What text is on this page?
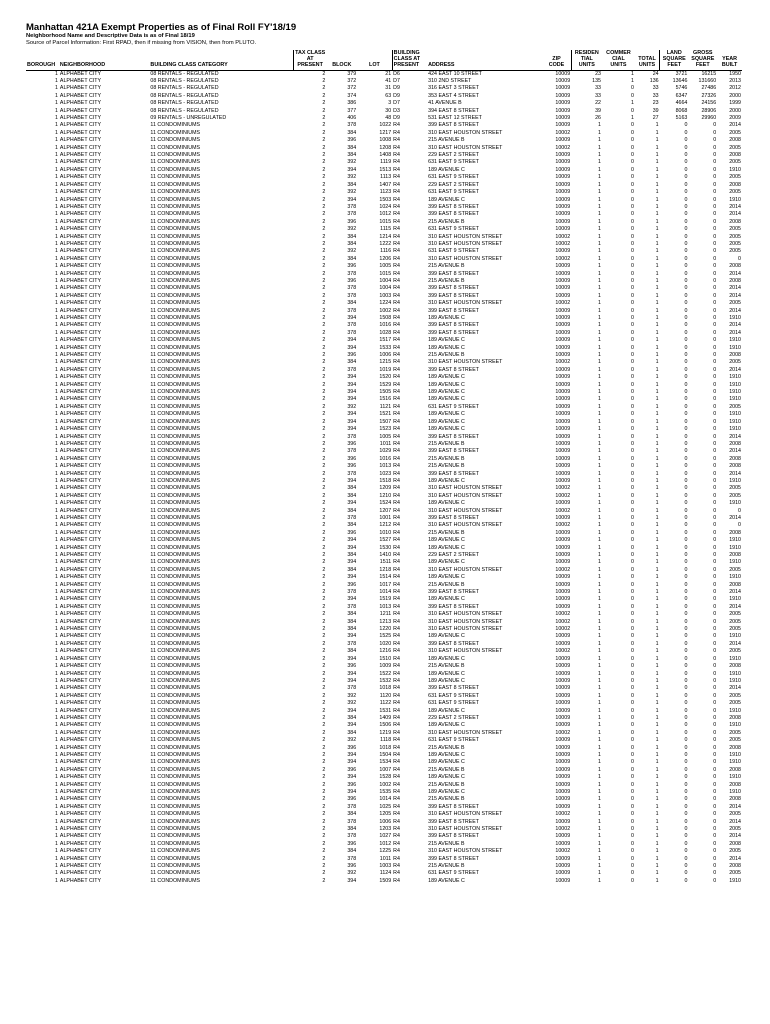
Manhattan 421A Exempt Properties as of Final Roll FY'18/19
Neighborhood Name and Descriptive Data is as of Final 18/19
Source of Parcel Information: First RPAD, then if missing from VISION, then from PLUTO.
BOROUGH	NEIGHBORHOOD	BUILDING CLASS CATEGORY	TAX CLASS
AT
PRESENT	BLOCK	LOT	BUILDING
CLASS AT
PRESENT	ADDRESS	ZIP
CODE	RESIDEN
TIAL
UNITS	COMMER
CIAL
UNITS	TOTAL
UNITS	LAND
SQUARE
FEET	GROSS
SQUARE
FEET	YEAR
BUILT
1	ALPHABET CITY	08 RENTALS - REGULATED	2	379	21	D6	424 EAST 10 STREET	10009	23	1	24	3721	16215	1950
1	ALPHABET CITY	08 RENTALS - REGULATED	2	372	41	D7	310 2ND STREET	10009	135	1	136	13646	131660	2013
1	ALPHABET CITY	08 RENTALS - REGULATED	2	372	31	D9	316 EAST 3 STREET	10009	33	0	33	5746	27486	2012
1	ALPHABET CITY	08 RENTALS - REGULATED	2	374	63	D9	353 EAST 4 STREET	10009	33	0	33	6347	27326	2000
1	ALPHABET CITY	08 RENTALS - REGULATED	2	386	3	D7	41 AVENUE B	10009	22	1	23	4664	24156	1999
1	ALPHABET CITY	08 RENTALS - REGULATED	2	377	30	D3	394 EAST 8 STREET	10009	39	0	39	8068	28906	2000
1	ALPHABET CITY	09 RENTALS - UNREGULATED	2	406	48	D9	531 EAST 12 STREET	10009	26	1	27	5163	29960	2009
1	ALPHABET CITY	11 CONDOMINIUMS	2	378	1022	R4	399 EAST 8 STREET	10009	1	0	1	0	0	2014
1	ALPHABET CITY	11 CONDOMINIUMS	2	384	1217	R4	310 EAST HOUSTON STREET	10002	1	0	1	0	0	2005
1	ALPHABET CITY	11 CONDOMINIUMS	2	396	1008	R4	215 AVENUE B	10009	1	0	1	0	0	2008
1	ALPHABET CITY	11 CONDOMINIUMS	2	384	1208	R4	310 EAST HOUSTON STREET	10002	1	0	1	0	0	2005
1	ALPHABET CITY	11 CONDOMINIUMS	2	384	1408	R4	229 EAST 2 STREET	10009	1	0	1	0	0	2008
1	ALPHABET CITY	11 CONDOMINIUMS	2	392	1119	R4	631 EAST 9 STREET	10009	1	0	1	0	0	2005
1	ALPHABET CITY	11 CONDOMINIUMS	2	394	1513	R4	189 AVENUE C	10009	1	0	1	0	0	1910
1	ALPHABET CITY	11 CONDOMINIUMS	2	392	1113	R4	631 EAST 9 STREET	10009	1	0	1	0	0	2005
1	ALPHABET CITY	11 CONDOMINIUMS	2	384	1407	R4	229 EAST 2 STREET	10009	1	0	1	0	0	2008
1	ALPHABET CITY	11 CONDOMINIUMS	2	392	1123	R4	631 EAST 9 STREET	10009	1	0	1	0	0	2005
1	ALPHABET CITY	11 CONDOMINIUMS	2	394	1503	R4	189 AVENUE C	10009	1	0	1	0	0	1910
1	ALPHABET CITY	11 CONDOMINIUMS	2	378	1024	R4	399 EAST 8 STREET	10009	1	0	1	0	0	2014
1	ALPHABET CITY	11 CONDOMINIUMS	2	378	1012	R4	399 EAST 8 STREET	10009	1	0	1	0	0	2014
1	ALPHABET CITY	11 CONDOMINIUMS	2	396	1015	R4	215 AVENUE B	10009	1	0	1	0	0	2008
1	ALPHABET CITY	11 CONDOMINIUMS	2	392	1115	R4	631 EAST 9 STREET	10009	1	0	1	0	0	2005
1	ALPHABET CITY	11 CONDOMINIUMS	2	384	1214	R4	310 EAST HOUSTON STREET	10002	1	0	1	0	0	2005
1	ALPHABET CITY	11 CONDOMINIUMS	2	384	1222	R4	310 EAST HOUSTON STREET	10002	1	0	1	0	0	2005
1	ALPHABET CITY	11 CONDOMINIUMS	2	392	1116	R4	631 EAST 9 STREET	10009	1	0	1	0	0	2005
1	ALPHABET CITY	11 CONDOMINIUMS	2	384	1206	R4	310 EAST HOUSTON STREET	10002	1	0	1	0	0	0
1	ALPHABET CITY	11 CONDOMINIUMS	2	396	1005	R4	215 AVENUE B	10009	1	0	1	0	0	2008
1	ALPHABET CITY	11 CONDOMINIUMS	2	378	1015	R4	399 EAST 8 STREET	10009	1	0	1	0	0	2014
1	ALPHABET CITY	11 CONDOMINIUMS	2	396	1004	R4	215 AVENUE B	10009	1	0	1	0	0	2008
1	ALPHABET CITY	11 CONDOMINIUMS	2	378	1004	R4	399 EAST 8 STREET	10009	1	0	1	0	0	2014
1	ALPHABET CITY	11 CONDOMINIUMS	2	378	1003	R4	399 EAST 8 STREET	10009	1	0	1	0	0	2014
1	ALPHABET CITY	11 CONDOMINIUMS	2	384	1224	R4	310 EAST HOUSTON STREET	10002	1	0	1	0	0	2005
1	ALPHABET CITY	11 CONDOMINIUMS	2	378	1002	R4	399 EAST 8 STREET	10009	1	0	1	0	0	2014
1	ALPHABET CITY	11 CONDOMINIUMS	2	394	1508	R4	189 AVENUE C	10009	1	0	1	0	0	1910
1	ALPHABET CITY	11 CONDOMINIUMS	2	378	1016	R4	399 EAST 8 STREET	10009	1	0	1	0	0	2014
1	ALPHABET CITY	11 CONDOMINIUMS	2	378	1028	R4	399 EAST 8 STREET	10009	1	0	1	0	0	2014
1	ALPHABET CITY	11 CONDOMINIUMS	2	394	1517	R4	189 AVENUE C	10009	1	0	1	0	0	1910
1	ALPHABET CITY	11 CONDOMINIUMS	2	394	1533	R4	189 AVENUE C	10009	1	0	1	0	0	1910
1	ALPHABET CITY	11 CONDOMINIUMS	2	396	1006	R4	215 AVENUE B	10009	1	0	1	0	0	2008
1	ALPHABET CITY	11 CONDOMINIUMS	2	384	1215	R4	310 EAST HOUSTON STREET	10002	1	0	1	0	0	2005
1	ALPHABET CITY	11 CONDOMINIUMS	2	378	1019	R4	399 EAST 8 STREET	10009	1	0	1	0	0	2014
1	ALPHABET CITY	11 CONDOMINIUMS	2	394	1520	R4	189 AVENUE C	10009	1	0	1	0	0	1910
1	ALPHABET CITY	11 CONDOMINIUMS	2	394	1529	R4	189 AVENUE C	10009	1	0	1	0	0	1910
1	ALPHABET CITY	11 CONDOMINIUMS	2	394	1505	R4	189 AVENUE C	10009	1	0	1	0	0	1910
1	ALPHABET CITY	11 CONDOMINIUMS	2	394	1516	R4	189 AVENUE C	10009	1	0	1	0	0	1910
1	ALPHABET CITY	11 CONDOMINIUMS	2	392	1121	R4	631 EAST 9 STREET	10009	1	0	1	0	0	2005
1	ALPHABET CITY	11 CONDOMINIUMS	2	394	1521	R4	189 AVENUE C	10009	1	0	1	0	0	1910
1	ALPHABET CITY	11 CONDOMINIUMS	2	394	1507	R4	189 AVENUE C	10009	1	0	1	0	0	1910
1	ALPHABET CITY	11 CONDOMINIUMS	2	394	1523	R4	189 AVENUE C	10009	1	0	1	0	0	1910
1	ALPHABET CITY	11 CONDOMINIUMS	2	378	1005	R4	399 EAST 8 STREET	10009	1	0	1	0	0	2014
1	ALPHABET CITY	11 CONDOMINIUMS	2	396	1011	R4	215 AVENUE B	10009	1	0	1	0	0	2008
1	ALPHABET CITY	11 CONDOMINIUMS	2	378	1029	R4	399 EAST 8 STREET	10009	1	0	1	0	0	2014
1	ALPHABET CITY	11 CONDOMINIUMS	2	396	1016	R4	215 AVENUE B	10009	1	0	1	0	0	2008
1	ALPHABET CITY	11 CONDOMINIUMS	2	396	1013	R4	215 AVENUE B	10009	1	0	1	0	0	2008
1	ALPHABET CITY	11 CONDOMINIUMS	2	378	1023	R4	399 EAST 8 STREET	10009	1	0	1	0	0	2014
1	ALPHABET CITY	11 CONDOMINIUMS	2	394	1518	R4	189 AVENUE C	10009	1	0	1	0	0	1910
1	ALPHABET CITY	11 CONDOMINIUMS	2	384	1209	R4	310 EAST HOUSTON STREET	10002	1	0	1	0	0	2005
1	ALPHABET CITY	11 CONDOMINIUMS	2	384	1210	R4	310 EAST HOUSTON STREET	10002	1	0	1	0	0	2005
1	ALPHABET CITY	11 CONDOMINIUMS	2	394	1524	R4	189 AVENUE C	10009	1	0	1	0	0	1910
1	ALPHABET CITY	11 CONDOMINIUMS	2	384	1207	R4	310 EAST HOUSTON STREET	10002	1	0	1	0	0	0
1	ALPHABET CITY	11 CONDOMINIUMS	2	378	1001	R4	399 EAST 8 STREET	10009	1	0	1	0	0	2014
1	ALPHABET CITY	11 CONDOMINIUMS	2	384	1212	R4	310 EAST HOUSTON STREET	10002	1	0	1	0	0	0
1	ALPHABET CITY	11 CONDOMINIUMS	2	396	1010	R4	215 AVENUE B	10009	1	0	1	0	0	2008
1	ALPHABET CITY	11 CONDOMINIUMS	2	394	1527	R4	189 AVENUE C	10009	1	0	1	0	0	1910
1	ALPHABET CITY	11 CONDOMINIUMS	2	394	1530	R4	189 AVENUE C	10009	1	0	1	0	0	1910
1	ALPHABET CITY	11 CONDOMINIUMS	2	384	1410	R4	229 EAST 2 STREET	10009	1	0	1	0	0	2008
1	ALPHABET CITY	11 CONDOMINIUMS	2	394	1511	R4	189 AVENUE C	10009	1	0	1	0	0	1910
1	ALPHABET CITY	11 CONDOMINIUMS	2	384	1218	R4	310 EAST HOUSTON STREET	10002	1	0	1	0	0	2005
1	ALPHABET CITY	11 CONDOMINIUMS	2	394	1514	R4	189 AVENUE C	10009	1	0	1	0	0	1910
1	ALPHABET CITY	11 CONDOMINIUMS	2	396	1017	R4	215 AVENUE B	10009	1	0	1	0	0	2008
1	ALPHABET CITY	11 CONDOMINIUMS	2	378	1014	R4	399 EAST 8 STREET	10009	1	0	1	0	0	2014
1	ALPHABET CITY	11 CONDOMINIUMS	2	394	1519	R4	189 AVENUE C	10009	1	0	1	0	0	1910
1	ALPHABET CITY	11 CONDOMINIUMS	2	378	1013	R4	399 EAST 8 STREET	10009	1	0	1	0	0	2014
1	ALPHABET CITY	11 CONDOMINIUMS	2	384	1211	R4	310 EAST HOUSTON STREET	10002	1	0	1	0	0	2005
1	ALPHABET CITY	11 CONDOMINIUMS	2	384	1213	R4	310 EAST HOUSTON STREET	10002	1	0	1	0	0	2005
1	ALPHABET CITY	11 CONDOMINIUMS	2	384	1220	R4	310 EAST HOUSTON STREET	10002	1	0	1	0	0	2005
1	ALPHABET CITY	11 CONDOMINIUMS	2	394	1525	R4	189 AVENUE C	10009	1	0	1	0	0	1910
1	ALPHABET CITY	11 CONDOMINIUMS	2	378	1020	R4	399 EAST 8 STREET	10009	1	0	1	0	0	2014
1	ALPHABET CITY	11 CONDOMINIUMS	2	384	1216	R4	310 EAST HOUSTON STREET	10002	1	0	1	0	0	2005
1	ALPHABET CITY	11 CONDOMINIUMS	2	394	1510	R4	189 AVENUE C	10009	1	0	1	0	0	1910
1	ALPHABET CITY	11 CONDOMINIUMS	2	396	1009	R4	215 AVENUE B	10009	1	0	1	0	0	2008
1	ALPHABET CITY	11 CONDOMINIUMS	2	394	1522	R4	189 AVENUE C	10009	1	0	1	0	0	1910
1	ALPHABET CITY	11 CONDOMINIUMS	2	394	1532	R4	189 AVENUE C	10009	1	0	1	0	0	1910
1	ALPHABET CITY	11 CONDOMINIUMS	2	378	1018	R4	399 EAST 8 STREET	10009	1	0	1	0	0	2014
1	ALPHABET CITY	11 CONDOMINIUMS	2	392	1120	R4	631 EAST 9 STREET	10009	1	0	1	0	0	2005
1	ALPHABET CITY	11 CONDOMINIUMS	2	392	1122	R4	631 EAST 9 STREET	10009	1	0	1	0	0	2005
1	ALPHABET CITY	11 CONDOMINIUMS	2	394	1531	R4	189 AVENUE C	10009	1	0	1	0	0	1910
1	ALPHABET CITY	11 CONDOMINIUMS	2	384	1409	R4	229 EAST 2 STREET	10009	1	0	1	0	0	2008
1	ALPHABET CITY	11 CONDOMINIUMS	2	394	1506	R4	189 AVENUE C	10009	1	0	1	0	0	1910
1	ALPHABET CITY	11 CONDOMINIUMS	2	384	1219	R4	310 EAST HOUSTON STREET	10002	1	0	1	0	0	2005
1	ALPHABET CITY	11 CONDOMINIUMS	2	392	1118	R4	631 EAST 9 STREET	10009	1	0	1	0	0	2005
1	ALPHABET CITY	11 CONDOMINIUMS	2	396	1018	R4	215 AVENUE B	10009	1	0	1	0	0	2008
1	ALPHABET CITY	11 CONDOMINIUMS	2	394	1504	R4	189 AVENUE C	10009	1	0	1	0	0	1910
1	ALPHABET CITY	11 CONDOMINIUMS	2	394	1534	R4	189 AVENUE C	10009	1	0	1	0	0	1910
1	ALPHABET CITY	11 CONDOMINIUMS	2	396	1007	R4	215 AVENUE B	10009	1	0	1	0	0	2008
1	ALPHABET CITY	11 CONDOMINIUMS	2	394	1528	R4	189 AVENUE C	10009	1	0	1	0	0	1910
1	ALPHABET CITY	11 CONDOMINIUMS	2	396	1002	R4	215 AVENUE B	10009	1	0	1	0	0	2008
1	ALPHABET CITY	11 CONDOMINIUMS	2	394	1535	R4	189 AVENUE C	10009	1	0	1	0	0	1910
1	ALPHABET CITY	11 CONDOMINIUMS	2	396	1014	R4	215 AVENUE B	10009	1	0	1	0	0	2008
1	ALPHABET CITY	11 CONDOMINIUMS	2	378	1025	R4	399 EAST 8 STREET	10009	1	0	1	0	0	2014
1	ALPHABET CITY	11 CONDOMINIUMS	2	384	1205	R4	310 EAST HOUSTON STREET	10002	1	0	1	0	0	2005
1	ALPHABET CITY	11 CONDOMINIUMS	2	378	1006	R4	399 EAST 8 STREET	10009	1	0	1	0	0	2014
1	ALPHABET CITY	11 CONDOMINIUMS	2	384	1203	R4	310 EAST HOUSTON STREET	10002	1	0	1	0	0	2005
1	ALPHABET CITY	11 CONDOMINIUMS	2	378	1027	R4	399 EAST 8 STREET	10009	1	0	1	0	0	2014
1	ALPHABET CITY	11 CONDOMINIUMS	2	396	1012	R4	215 AVENUE B	10009	1	0	1	0	0	2008
1	ALPHABET CITY	11 CONDOMINIUMS	2	384	1225	R4	310 EAST HOUSTON STREET	10002	1	0	1	0	0	2005
1	ALPHABET CITY	11 CONDOMINIUMS	2	378	1011	R4	399 EAST 8 STREET	10009	1	0	1	0	0	2014
1	ALPHABET CITY	11 CONDOMINIUMS	2	396	1003	R4	215 AVENUE B	10009	1	0	1	0	0	2008
1	ALPHABET CITY	11 CONDOMINIUMS	2	392	1124	R4	631 EAST 9 STREET	10009	1	0	1	0	0	2005
1	ALPHABET CITY	11 CONDOMINIUMS	2	394	1509	R4	189 AVENUE C	10009	1	0	1	0	0	1910
